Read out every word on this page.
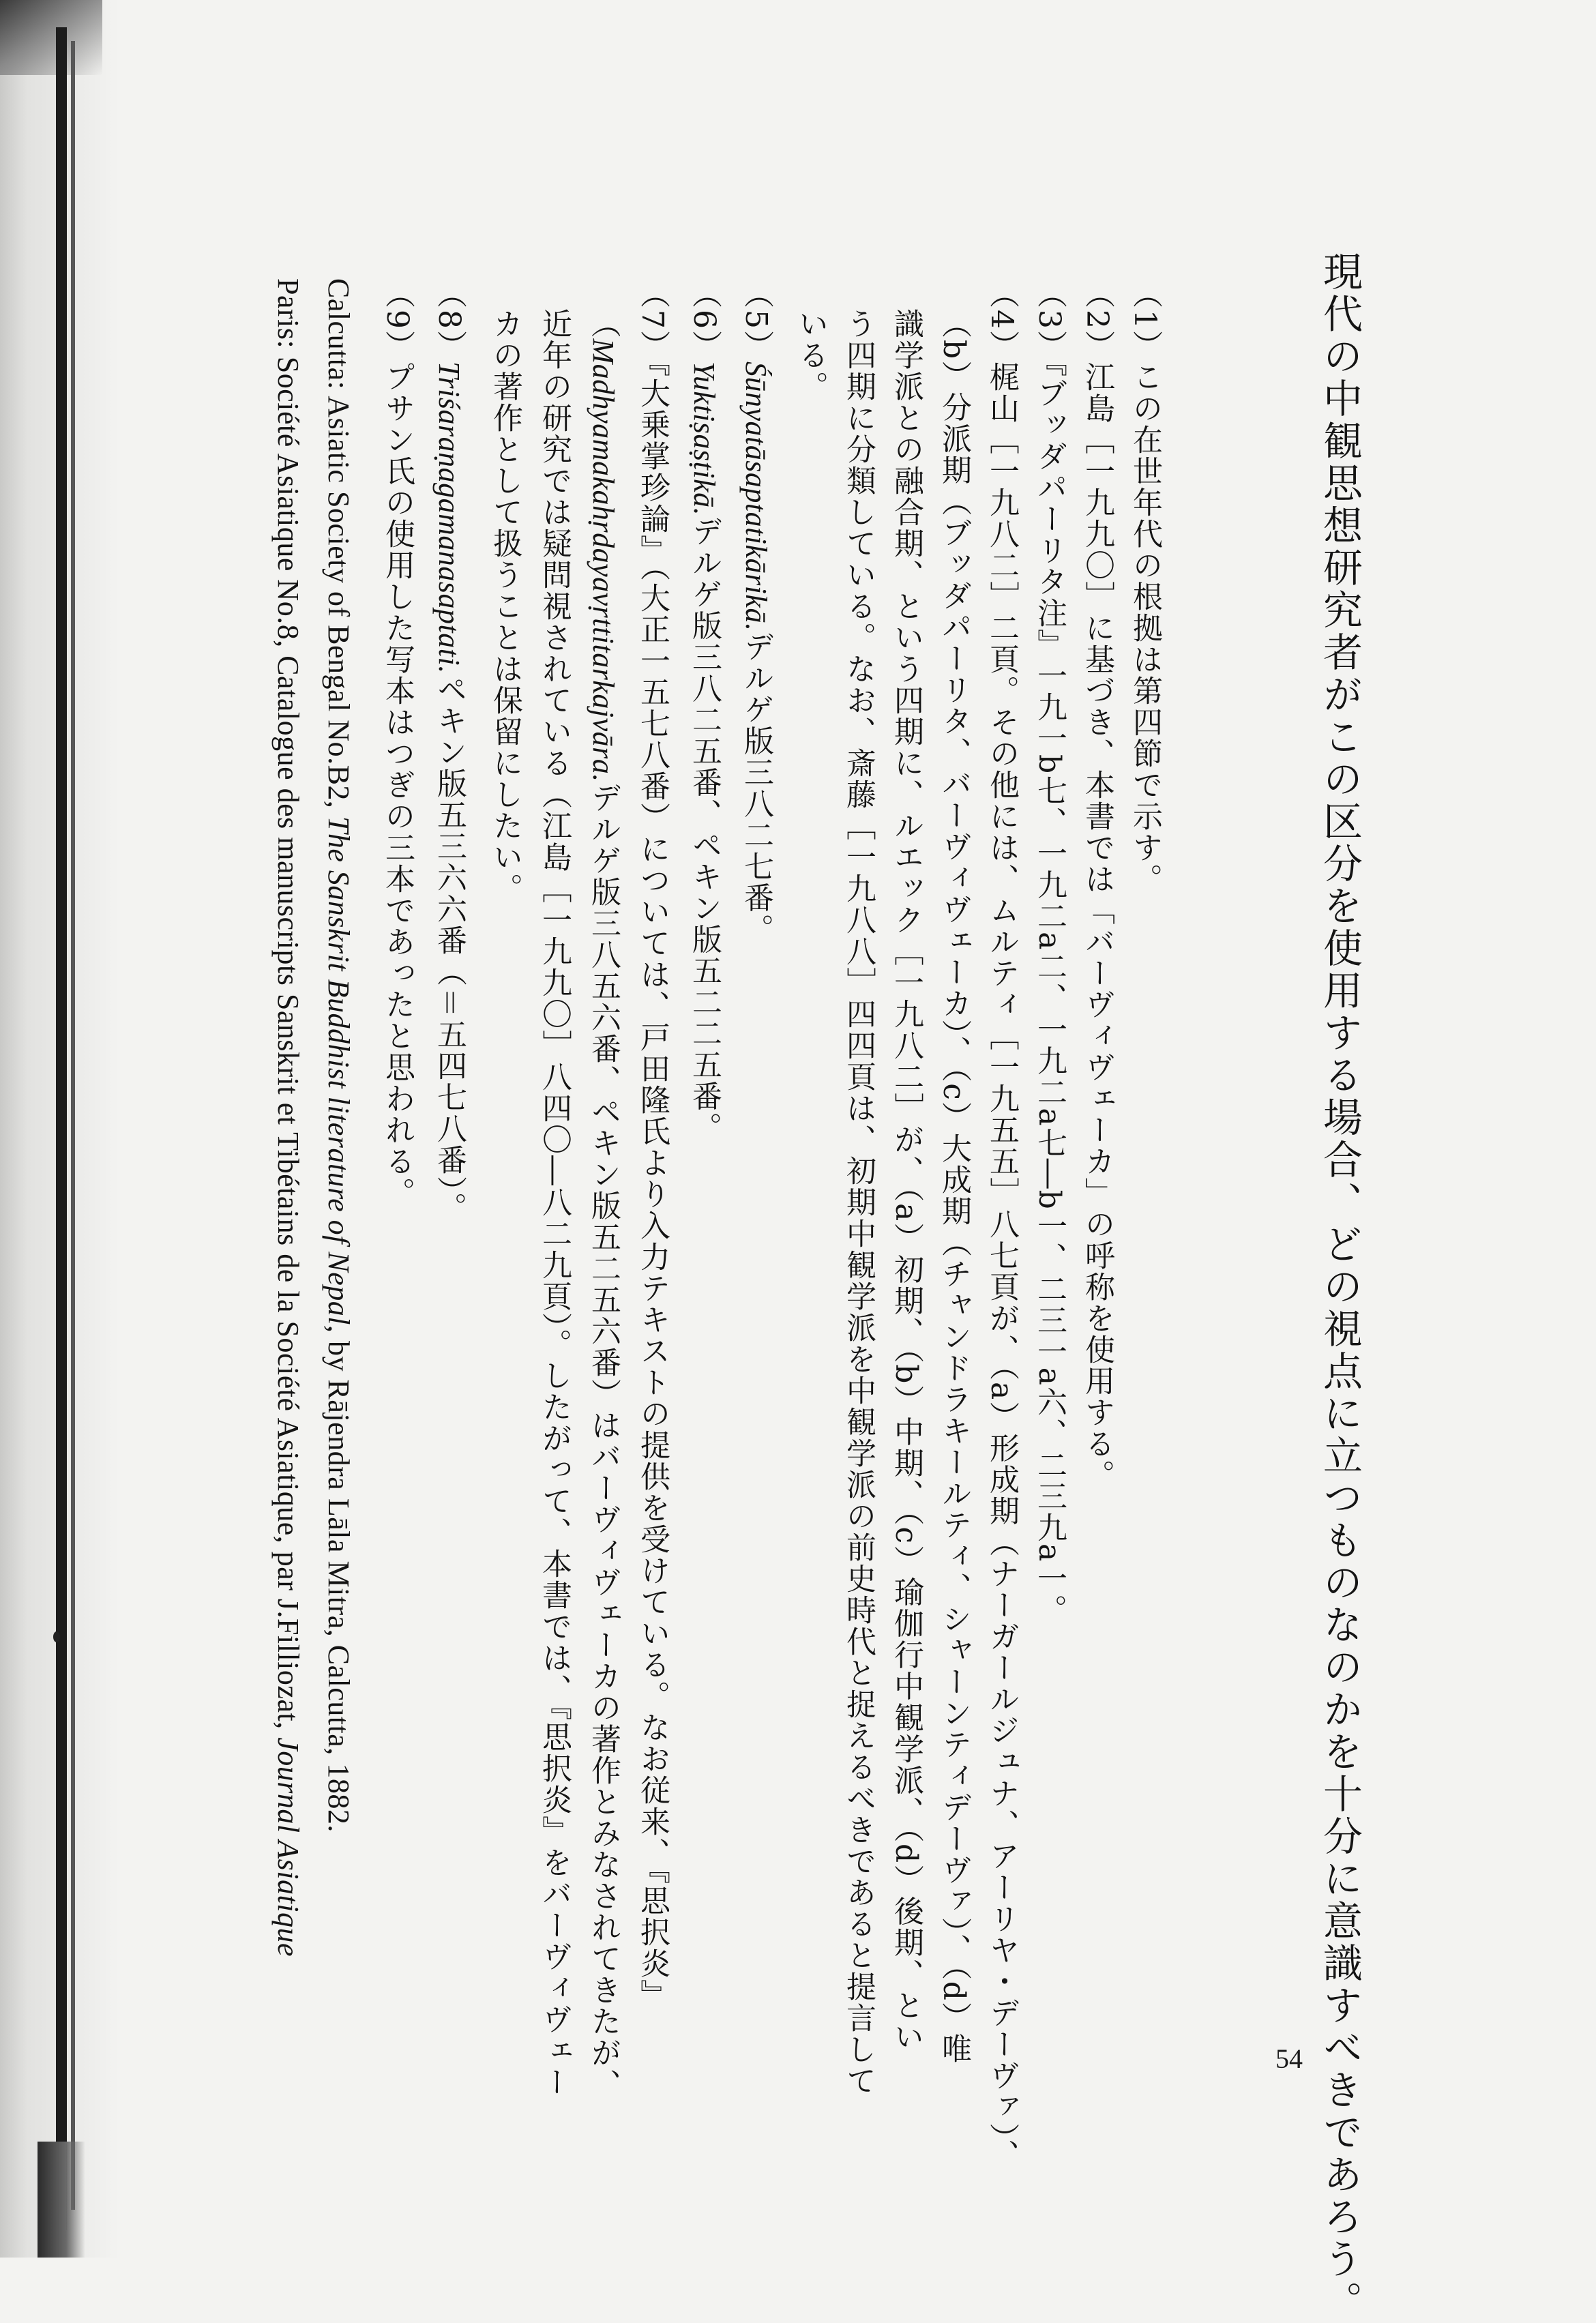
現代の中観思想研究者がこの区分を使用する場合、どの視点に立つものなのかを十分に意識すべきであろう。

（1）この在世年代の根拠は第四節で示す。

（2）江島［一九九〇］に基づき、本書では「バーヴィヴェーカ」の呼称を使用する。

（3）『ブッダパーリタ注』一九一b七、一九二a二、一九二a七―b一、二三一a六、二三九a一。

（4）梶山［一九八二］二頁。その他には、ムルティ［一九五五］八七頁が、（a）形成期（ナーガールジュナ、アーリヤ・デーヴァ）、

（b）分派期（ブッダパーリタ、バーヴィヴェーカ）、（c）大成期（チャンドラキールティ、シャーンティデーヴァ）、（d）唯

識学派との融合期、という四期に、ルエック［一九八二］が、（a）初期、（b）中期、（c）瑜伽行中観学派、（d）後期、とい

う四期に分類している。なお、斎藤［一九八八］四四頁は、初期中観学派を中観学派の前史時代と捉えるべきであると提言して

いる。

（5）Śūnyatāsaptatikārikā.デルゲ版三八二七番。

（6）Yuktiṣaṣṭikā.デルゲ版三八二五番、ペキン版五二二五番。

（7）『大乗掌珍論』（大正一五七八番）については、戸田隆氏より入力テキストの提供を受けている。なお従来、『思択炎』

（Madhyamakahṛdayavṛttitarkajvāra.デルゲ版三八五六番、ペキン版五二五六番）はバーヴィヴェーカの著作とみなされてきたが、

近年の研究では疑問視されている（江島［一九九〇］八四〇―八二九頁）。したがって、本書では、『思択炎』をバーヴィヴェー

カの著作として扱うことは保留にしたい。

（8）Triśaraṇagamanasaptati.ペキン版五三六六番（＝五四七八番）。

（9）プサン氏の使用した写本はつぎの三本であったと思われる。

Calcutta: Asiatic Society of Bengal No.B2, The Sanskrit Buddhist literature of Nepal, by Rājendra Lāla Mitra, Calcutta, 1882.

Paris: Société Asiatique No.8, Catalogue des manuscripts Sanskrit et Tibétains de la Société Asiatique, par J.Filliozat, Journal Asiatique

54
